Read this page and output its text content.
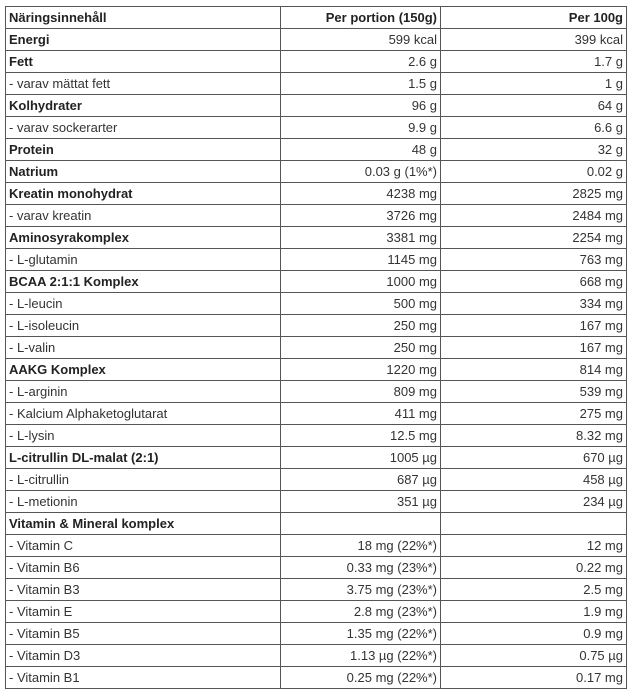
Näringsinnehåll	Per portion (150g)	Per 100g
Energi	599 kcal	399 kcal
Fett	2.6 g	1.7 g
- varav mättat fett	1.5 g	1 g
Kolhydrater	96 g	64 g
- varav sockerarter	9.9 g	6.6 g
Protein	48 g	32 g
Natrium	0.03 g (1%*)	0.02 g
Kreatin monohydrat	4238 mg	2825 mg
- varav kreatin	3726 mg	2484 mg
Aminosyrakomplex	3381 mg	2254 mg
- L-glutamin	1145 mg	763 mg
BCAA 2:1:1 Komplex	1000 mg	668 mg
- L-leucin	500 mg	334 mg
- L-isoleucin	250 mg	167 mg
- L-valin	250 mg	167 mg
AAKG Komplex	1220 mg	814 mg
- L-arginin	809 mg	539 mg
- Kalcium Alphaketoglutarat	411 mg	275 mg
- L-lysin	12.5 mg	8.32 mg
L-citrullin DL-malat (2:1)	1005 µg	670 µg
- L-citrullin	687 µg	458 µg
- L-metionin	351 µg	234 µg
Vitamin & Mineral komplex		
- Vitamin C	18 mg (22%*)	12 mg
- Vitamin B6	0.33 mg (23%*)	0.22 mg
- Vitamin B3	3.75 mg (23%*)	2.5 mg
- Vitamin E	2.8 mg (23%*)	1.9 mg
- Vitamin B5	1.35 mg (22%*)	0.9 mg
- Vitamin D3	1.13 µg (22%*)	0.75 µg
- Vitamin B1	0.25 mg (22%*)	0.17 mg
